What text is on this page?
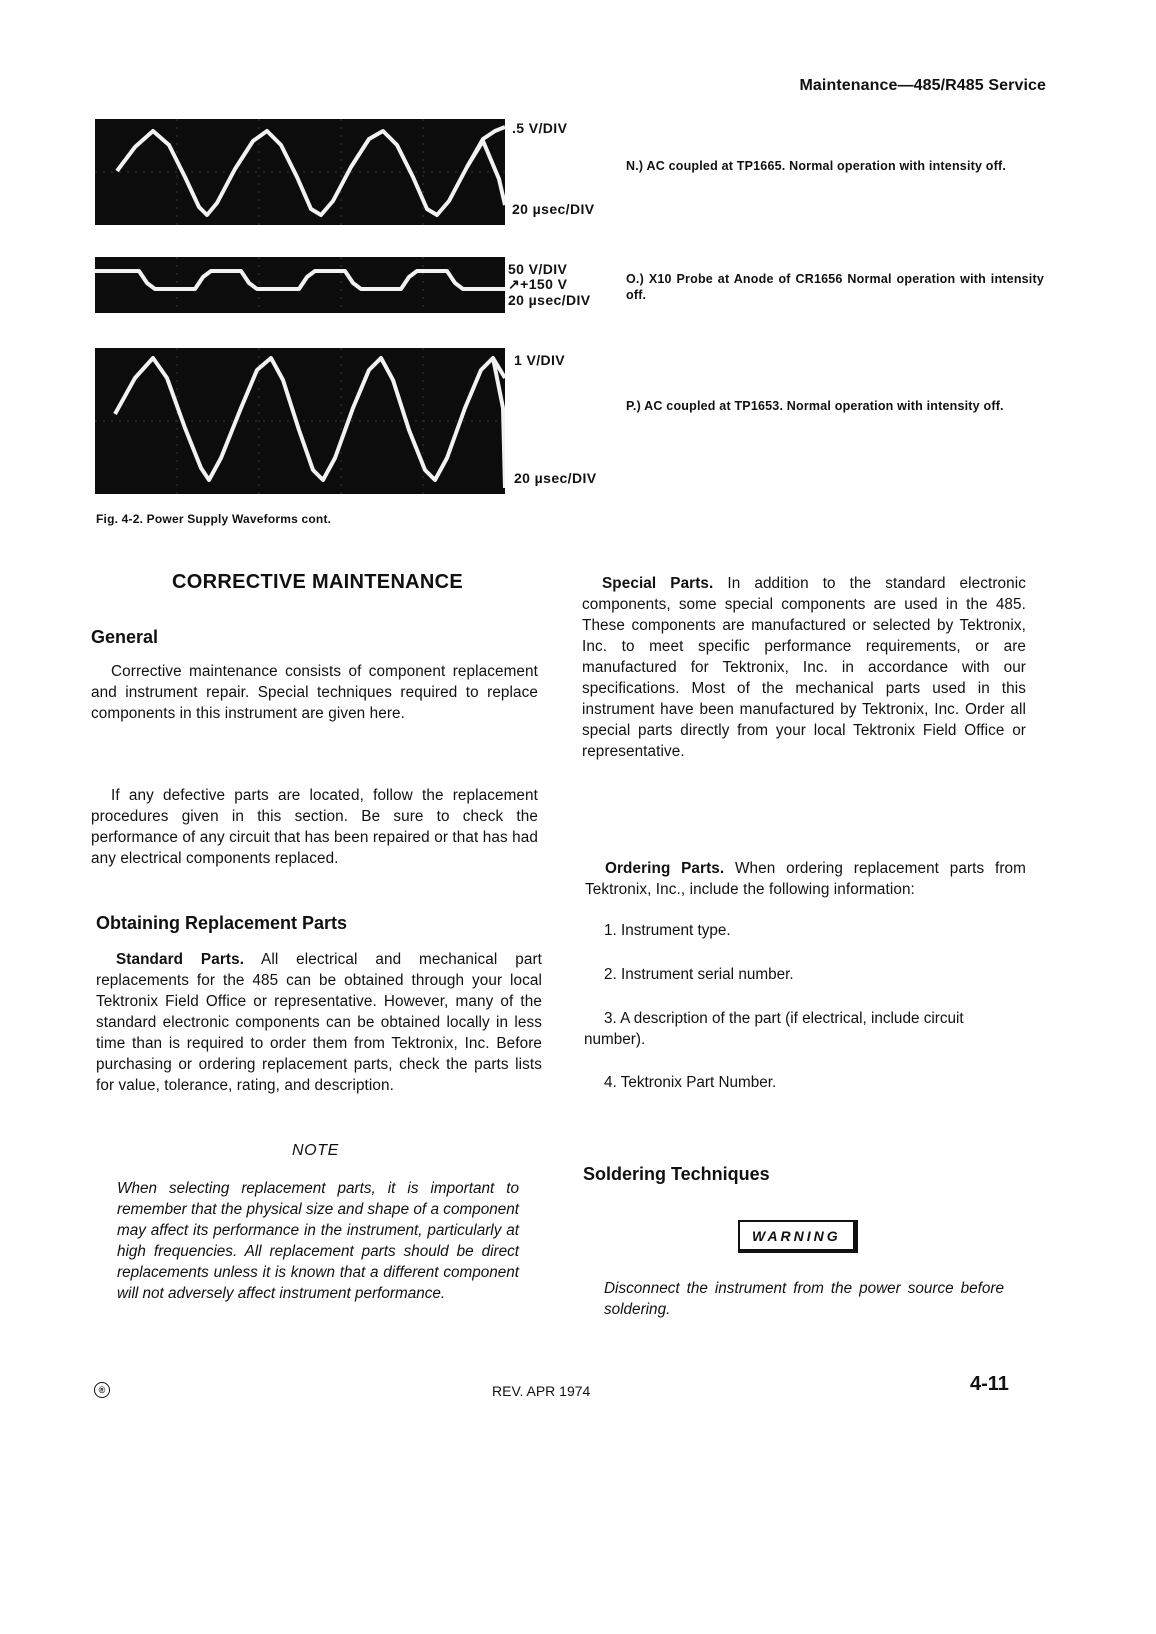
Maintenance—485/R485 Service
.5 V/DIV
20 µsec/DIV
N.) AC coupled at TP1665. Normal operation with intensity off.
50 V/DIV
↗+150 V
20 µsec/DIV
O.) X10 Probe at Anode of CR1656 Normal operation with intensity off.
1 V/DIV
20 µsec/DIV
P.) AC coupled at TP1653. Normal operation with intensity off.
Fig. 4-2. Power Supply Waveforms cont.
CORRECTIVE MAINTENANCE
General

Corrective maintenance consists of component replacement and instrument repair. Special techniques required to replace components in this instrument are given here.

If any defective parts are located, follow the replacement procedures given in this section. Be sure to check the performance of any circuit that has been repaired or that has had any electrical components replaced.

Obtaining Replacement Parts

Standard Parts. All electrical and mechanical part replacements for the 485 can be obtained through your local Tektronix Field Office or representative. However, many of the standard electronic components can be obtained locally in less time than is required to order them from Tektronix, Inc. Before purchasing or ordering replacement parts, check the parts lists for value, tolerance, rating, and description.

NOTE
When selecting replacement parts, it is important to remember that the physical size and shape of a component may affect its performance in the instrument, particularly at high frequencies. All replacement parts should be direct replacements unless it is known that a different component will not adversely affect instrument performance.

Special Parts. In addition to the standard electronic components, some special components are used in the 485. These components are manufactured or selected by Tektronix, Inc. to meet specific performance requirements, or are manufactured for Tektronix, Inc. in accordance with our specifications. Most of the mechanical parts used in this instrument have been manufactured by Tektronix, Inc. Order all special parts directly from your local Tektronix Field Office or representative.

Ordering Parts. When ordering replacement parts from Tektronix, Inc., include the following information:

1. Instrument type.
2. Instrument serial number.
3. A description of the part (if electrical, include circuit number).
4. Tektronix Part Number.
Soldering Techniques
WARNING
Disconnect the instrument from the power source before soldering.
®	REV. APR 1974	4-11
